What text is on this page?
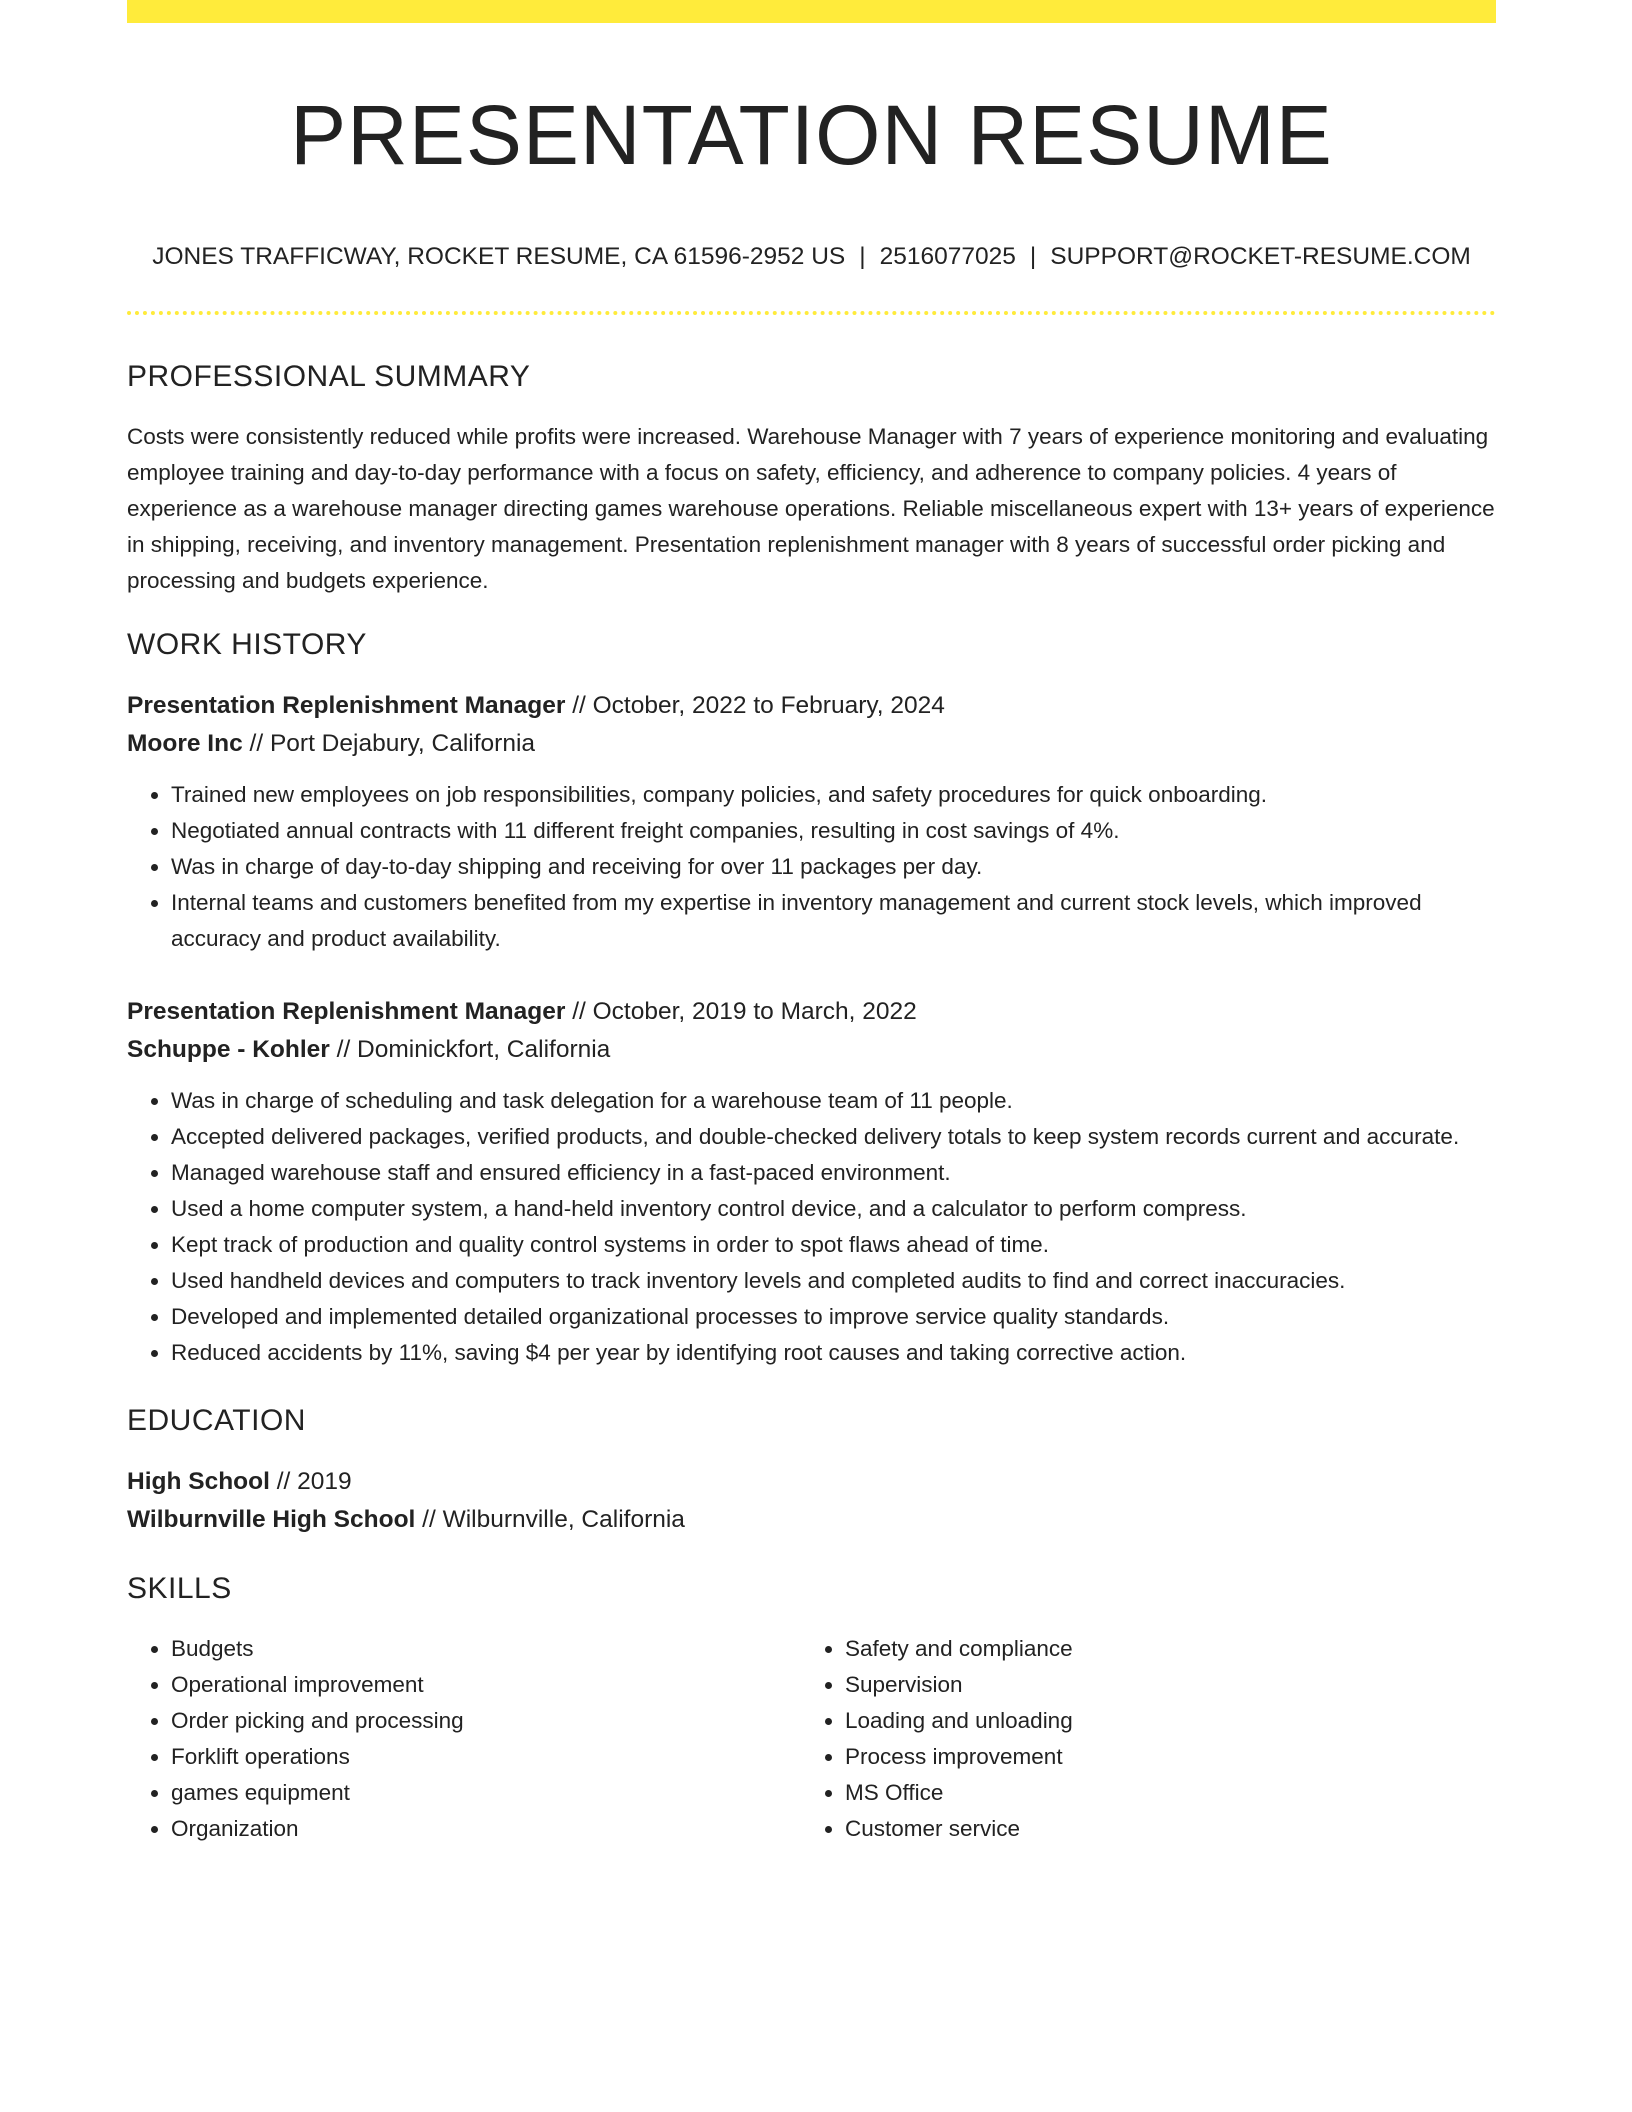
PRESENTATION RESUME
JONES TRAFFICWAY, ROCKET RESUME, CA 61596-2952 US | 2516077025 | SUPPORT@ROCKET-RESUME.COM
PROFESSIONAL SUMMARY
Costs were consistently reduced while profits were increased. Warehouse Manager with 7 years of experience monitoring and evaluating employee training and day-to-day performance with a focus on safety, efficiency, and adherence to company policies. 4 years of experience as a warehouse manager directing games warehouse operations. Reliable miscellaneous expert with 13+ years of experience in shipping, receiving, and inventory management. Presentation replenishment manager with 8 years of successful order picking and processing and budgets experience.
WORK HISTORY
Presentation Replenishment Manager // October, 2022 to February, 2024
Moore Inc // Port Dejabury, California
• Trained new employees on job responsibilities, company policies, and safety procedures for quick onboarding.
• Negotiated annual contracts with 11 different freight companies, resulting in cost savings of 4%.
• Was in charge of day-to-day shipping and receiving for over 11 packages per day.
• Internal teams and customers benefited from my expertise in inventory management and current stock levels, which improved accuracy and product availability.
Presentation Replenishment Manager // October, 2019 to March, 2022
Schuppe - Kohler // Dominickfort, California
• Was in charge of scheduling and task delegation for a warehouse team of 11 people.
• Accepted delivered packages, verified products, and double-checked delivery totals to keep system records current and accurate.
• Managed warehouse staff and ensured efficiency in a fast-paced environment.
• Used a home computer system, a hand-held inventory control device, and a calculator to perform compress.
• Kept track of production and quality control systems in order to spot flaws ahead of time.
• Used handheld devices and computers to track inventory levels and completed audits to find and correct inaccuracies.
• Developed and implemented detailed organizational processes to improve service quality standards.
• Reduced accidents by 11%, saving $4 per year by identifying root causes and taking corrective action.
EDUCATION
High School // 2019
Wilburnville High School // Wilburnville, California
SKILLS
• Budgets
• Operational improvement
• Order picking and processing
• Forklift operations
• games equipment
• Organization
• Safety and compliance
• Supervision
• Loading and unloading
• Process improvement
• MS Office
• Customer service
